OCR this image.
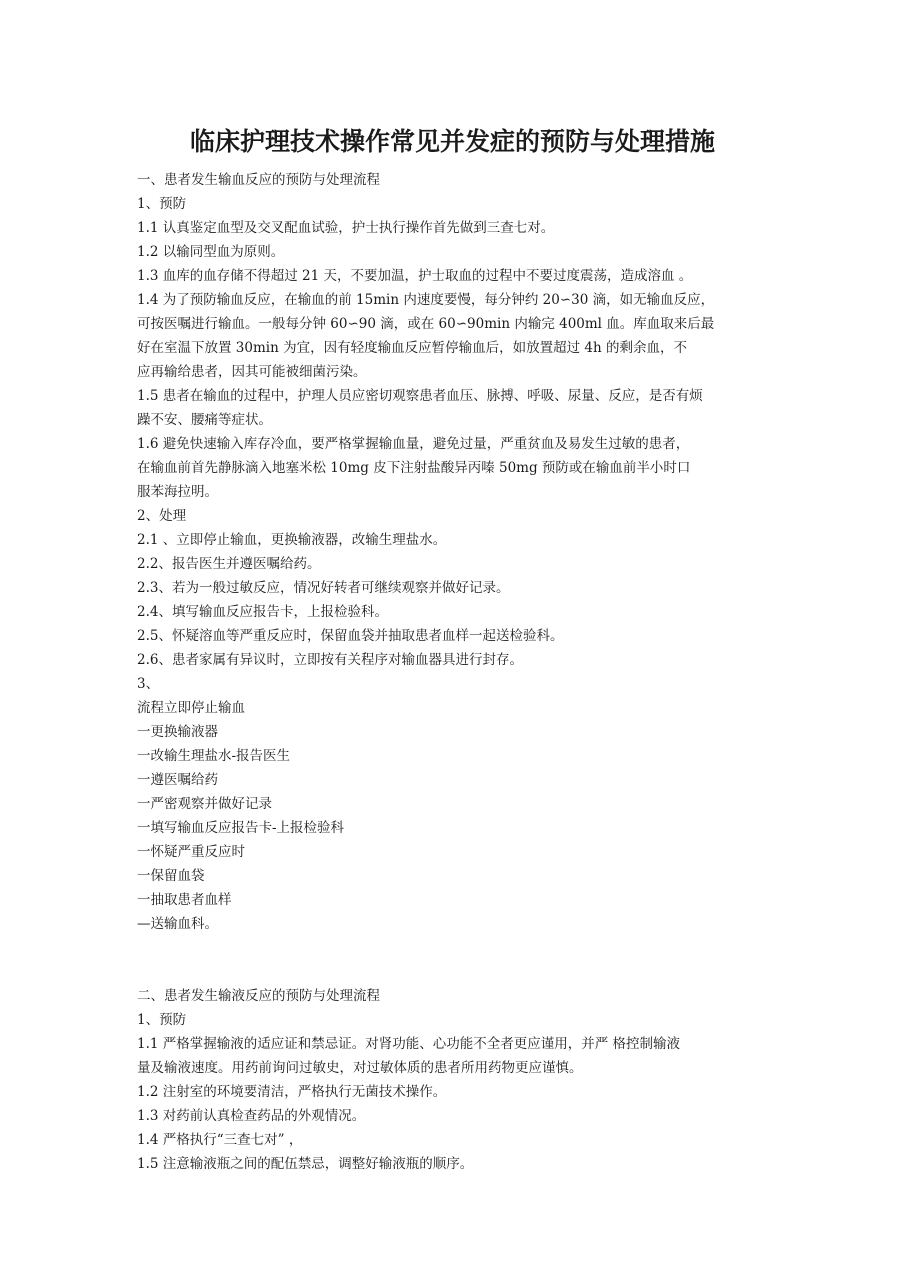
临床护理技术操作常见并发症的预防与处理措施

一、患者发生输血反应的预防与处理流程

1、预防

1.1 认真鉴定血型及交叉配血试验，护士执行操作首先做到三查七对。

1.2 以输同型血为原则。

1.3 血库的血存储不得超过 21 天，不要加温，护士取血的过程中不要过度震荡，造成溶血 。

1.4 为了预防输血反应，在输血的前 15min 内速度要慢，每分钟约 20∽30 滴，如无输血反应，

可按医嘱进行输血。一般每分钟 60∽90 滴，或在 60∽90min 内输完 400ml 血。库血取来后最

好在室温下放置 30min 为宜，因有轻度输血反应暂停输血后，如放置超过 4h 的剩余血，不

应再输给患者，因其可能被细菌污染。

1.5 患者在输血的过程中，护理人员应密切观察患者血压、脉搏、呼吸、尿量、反应，是否有烦

躁不安、腰痛等症状。

1.6 避免快速输入库存冷血，要严格掌握输血量，避免过量，严重贫血及易发生过敏的患者，

在输血前首先静脉滴入地塞米松 10mg 皮下注射盐酸异丙嗪 50mg 预防或在输血前半小时口

服苯海拉明。

2、处理

2.1 、立即停止输血，更换输液器，改输生理盐水。

2.2、报告医生并遵医嘱给药。

2.3、若为一般过敏反应，情况好转者可继续观察并做好记录。

2.4、填写输血反应报告卡，上报检验科。

2.5、怀疑溶血等严重反应时，保留血袋并抽取患者血样一起送检验科。

2.6、患者家属有异议时，立即按有关程序对输血器具进行封存。

3、

流程立即停止输血

一更换输液器

一改输生理盐水-报告医生

一遵医嘱给药

一严密观察并做好记录

一填写输血反应报告卡-上报检验科

一怀疑严重反应时

一保留血袋

一抽取患者血样

—送输血科。

二、患者发生输液反应的预防与处理流程

1、预防

1.1 严格掌握输液的适应证和禁忌证。对肾功能、心功能不全者更应谨用，并严 格控制输液

量及输液速度。用药前询问过敏史，对过敏体质的患者所用药物更应谨慎。

1.2 注射室的环境要清洁，严格执行无菌技术操作。

1.3 对药前认真检查药品的外观情况。

1.4 严格执行“三查七对” ，

1.5 注意输液瓶之间的配伍禁忌，调整好输液瓶的顺序。
